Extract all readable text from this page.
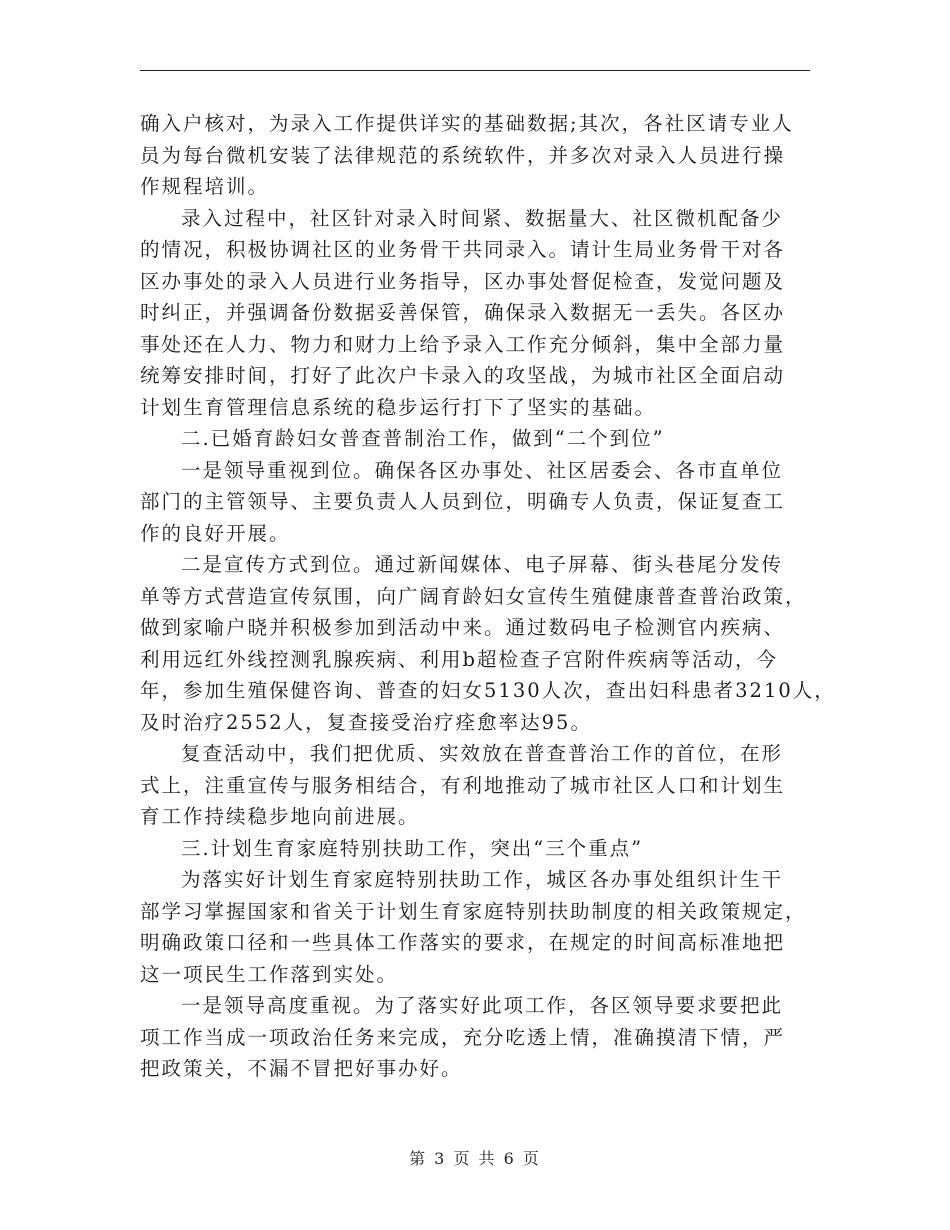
确入户核对，为录入工作提供详实的基础数据;其次，各社区请专业人
员为每台微机安装了法律规范的系统软件，并多次对录入人员进行操
作规程培训。
录入过程中，社区针对录入时间紧、数据量大、社区微机配备少
的情况，积极协调社区的业务骨干共同录入。请计生局业务骨干对各
区办事处的录入人员进行业务指导，区办事处督促检查，发觉问题及
时纠正，并强调备份数据妥善保管，确保录入数据无一丢失。各区办
事处还在人力、物力和财力上给予录入工作充分倾斜，集中全部力量
统筹安排时间，打好了此次户卡录入的攻坚战，为城市社区全面启动
计划生育管理信息系统的稳步运行打下了坚实的基础。
二.已婚育龄妇女普查普制治工作，做到“二个到位”
一是领导重视到位。确保各区办事处、社区居委会、各市直单位
部门的主管领导、主要负责人人员到位，明确专人负责，保证复查工
作的良好开展。
二是宣传方式到位。通过新闻媒体、电子屏幕、街头巷尾分发传
单等方式营造宣传氛围，向广阔育龄妇女宣传生殖健康普查普治政策，
做到家喻户晓并积极参加到活动中来。通过数码电子检测官内疾病、
利用远红外线控测乳腺疾病、利用b超检查子宫附件疾病等活动，今
年，参加生殖保健咨询、普查的妇女5130人次，查出妇科患者3210人，
及时治疗2552人，复查接受治疗痊愈率达95。
复查活动中，我们把优质、实效放在普查普治工作的首位，在形
式上，注重宣传与服务相结合，有利地推动了城市社区人口和计划生
育工作持续稳步地向前进展。
三.计划生育家庭特别扶助工作，突出“三个重点”
为落实好计划生育家庭特别扶助工作，城区各办事处组织计生干
部学习掌握国家和省关于计划生育家庭特别扶助制度的相关政策规定，
明确政策口径和一些具体工作落实的要求，在规定的时间高标准地把
这一项民生工作落到实处。
一是领导高度重视。为了落实好此项工作，各区领导要求要把此
项工作当成一项政治任务来完成，充分吃透上情，准确摸清下情，严
把政策关，不漏不冒把好事办好。
第 3 页 共 6 页
